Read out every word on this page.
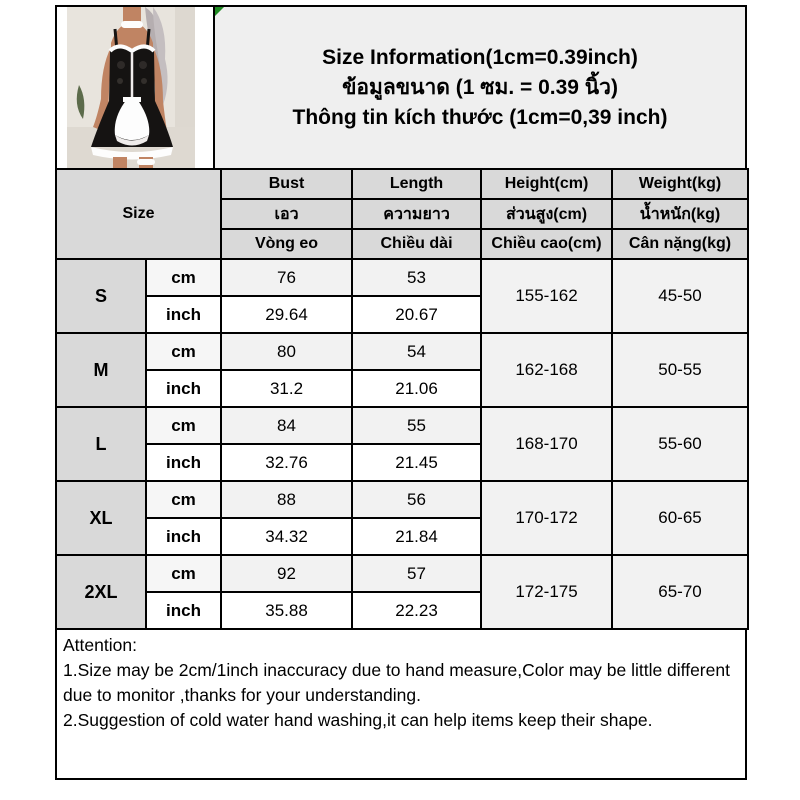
Size Information(1cm=0.39inch)
ข้อมูลขนาด (1 ซม. = 0.39 นิ้ว)
Thông tin kích thước (1cm=0,39 inch)
Size		Bust	Length	Height(cm)	Weight(kg)
		เอว	ความยาว	ส่วนสูง(cm)	น้ำหนัก(kg)
		Vòng eo	Chiều dài	Chiều cao(cm)	Cân nặng(kg)
S	cm	76	53	155-162	45-50
	inch	29.64	20.67		
M	cm	80	54	162-168	50-55
	inch	31.2	21.06		
L	cm	84	55	168-170	55-60
	inch	32.76	21.45		
XL	cm	88	56	170-172	60-65
	inch	34.32	21.84		
2XL	cm	92	57	172-175	65-70
	inch	35.88	22.23		
Attention:
1.Size may be 2cm/1inch inaccuracy due to hand measure,Color may be little different due to monitor ,thanks for your understanding.
2.Suggestion of cold water hand washing,it can help items keep their shape.
